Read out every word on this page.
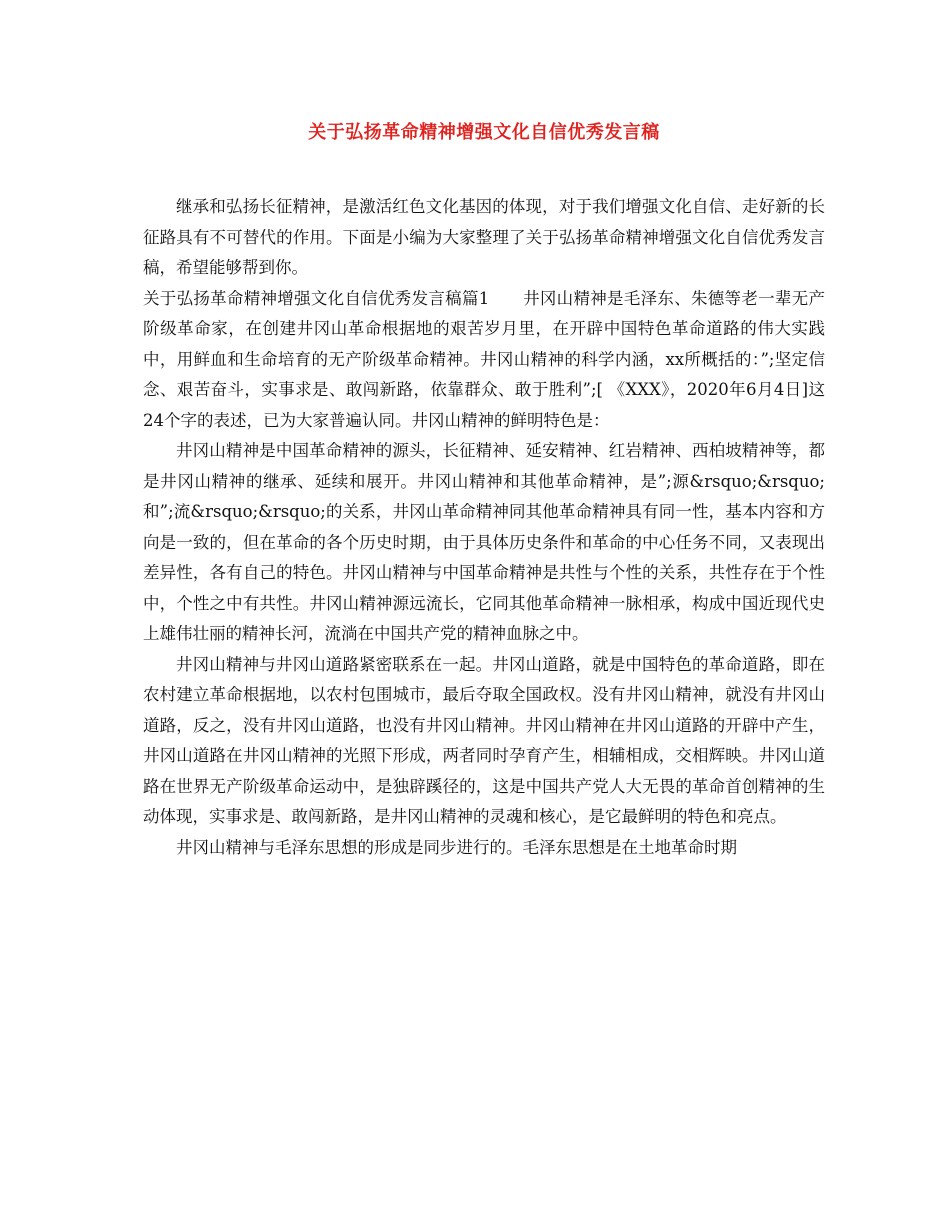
关于弘扬革命精神增强文化自信优秀发言稿

继承和弘扬长征精神，是激活红色文化基因的体现，对于我们增强文化自信、走好新的长征路具有不可替代的作用。下面是小编为大家整理了关于弘扬革命精神增强文化自信优秀发言稿，希望能够帮到你。

关于弘扬革命精神增强文化自信优秀发言稿篇1　　井冈山精神是毛泽东、朱德等老一辈无产阶级革命家，在创建井冈山革命根据地的艰苦岁月里，在开辟中国特色革命道路的伟大实践中，用鲜血和生命培育的无产阶级革命精神。井冈山精神的科学内涵，xx所概括的：”;坚定信念、艰苦奋斗，实事求是、敢闯新路，依靠群众、敢于胜利”;[ 《XXX》，2020年6月4日]这24个字的表述，已为大家普遍认同。井冈山精神的鲜明特色是：

井冈山精神是中国革命精神的源头，长征精神、延安精神、红岩精神、西柏坡精神等，都是井冈山精神的继承、延续和展开。井冈山精神和其他革命精神，是”;源&rsquo;&rsquo;和”;流&rsquo;&rsquo;的关系，井冈山革命精神同其他革命精神具有同一性，基本内容和方向是一致的，但在革命的各个历史时期，由于具体历史条件和革命的中心任务不同，又表现出差异性，各有自己的特色。井冈山精神与中国革命精神是共性与个性的关系，共性存在于个性中，个性之中有共性。井冈山精神源远流长，它同其他革命精神一脉相承，构成中国近现代史上雄伟壮丽的精神长河，流淌在中国共产党的精神血脉之中。

井冈山精神与井冈山道路紧密联系在一起。井冈山道路，就是中国特色的革命道路，即在农村建立革命根据地，以农村包围城市，最后夺取全国政权。没有井冈山精神，就没有井冈山道路，反之，没有井冈山道路，也没有井冈山精神。井冈山精神在井冈山道路的开辟中产生，井冈山道路在井冈山精神的光照下形成，两者同时孕育产生，相辅相成，交相辉映。井冈山道路在世界无产阶级革命运动中，是独辟蹊径的，这是中国共产党人大无畏的革命首创精神的生动体现，实事求是、敢闯新路，是井冈山精神的灵魂和核心，是它最鲜明的特色和亮点。

井冈山精神与毛泽东思想的形成是同步进行的。毛泽东思想是在土地革命时期
